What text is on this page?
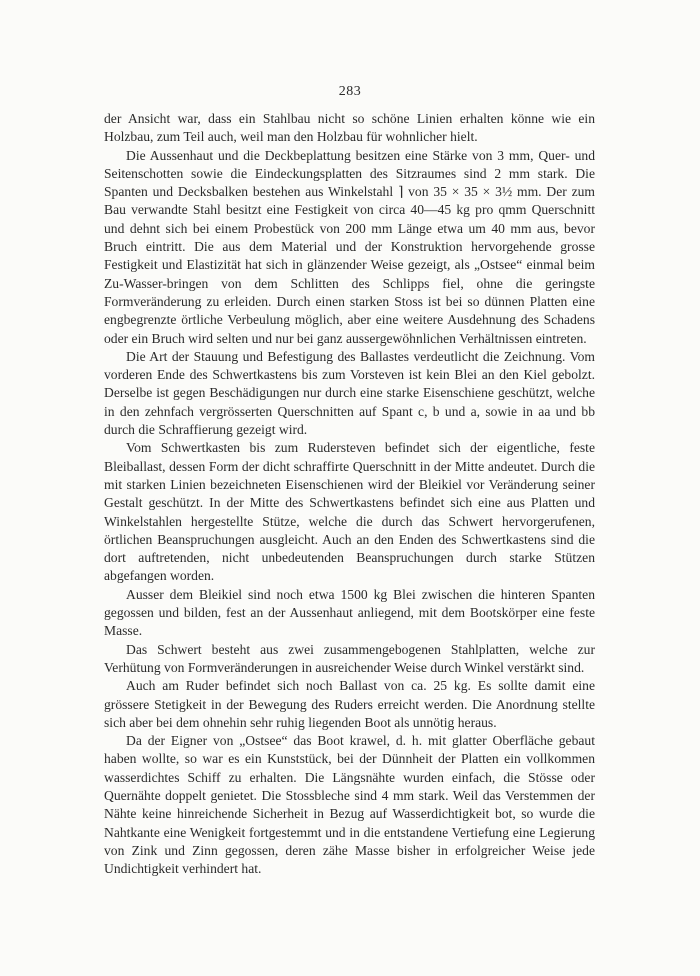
283

der Ansicht war, dass ein Stahlbau nicht so schöne Linien erhalten könne wie ein Holzbau, zum Teil auch, weil man den Holzbau für wohnlicher hielt.

Die Aussenhaut und die Deckbeplattung besitzen eine Stärke von 3 mm, Quer- und Seitenschotten sowie die Eindeckungsplatten des Sitzraumes sind 2 mm stark. Die Spanten und Decksbalken bestehen aus Winkelstahl ⌉ von 35 × 35 × 3½ mm. Der zum Bau verwandte Stahl besitzt eine Festigkeit von circa 40—45 kg pro qmm Querschnitt und dehnt sich bei einem Probestück von 200 mm Länge etwa um 40 mm aus, bevor Bruch eintritt. Die aus dem Material und der Konstruktion hervorgehende grosse Festigkeit und Elastizität hat sich in glänzender Weise gezeigt, als „Ostsee“ einmal beim Zu-Wasser-bringen von dem Schlitten des Schlipps fiel, ohne die geringste Formveränderung zu erleiden. Durch einen starken Stoss ist bei so dünnen Platten eine engbegrenzte örtliche Verbeulung möglich, aber eine weitere Ausdehnung des Schadens oder ein Bruch wird selten und nur bei ganz aussergewöhnlichen Verhältnissen eintreten.

Die Art der Stauung und Befestigung des Ballastes verdeutlicht die Zeichnung. Vom vorderen Ende des Schwertkastens bis zum Vorsteven ist kein Blei an den Kiel gebolzt. Derselbe ist gegen Beschädigungen nur durch eine starke Eisenschiene geschützt, welche in den zehnfach vergrösserten Querschnitten auf Spant c, b und a, sowie in aa und bb durch die Schraffierung gezeigt wird.

Vom Schwertkasten bis zum Rudersteven befindet sich der eigentliche, feste Bleiballast, dessen Form der dicht schraffirte Querschnitt in der Mitte andeutet. Durch die mit starken Linien bezeichneten Eisenschienen wird der Bleikiel vor Veränderung seiner Gestalt geschützt. In der Mitte des Schwertkastens befindet sich eine aus Platten und Winkelstahlen hergestellte Stütze, welche die durch das Schwert hervorgerufenen, örtlichen Beanspruchungen ausgleicht. Auch an den Enden des Schwertkastens sind die dort auftretenden, nicht unbedeutenden Beanspruchungen durch starke Stützen abgefangen worden.

Ausser dem Bleikiel sind noch etwa 1500 kg Blei zwischen die hinteren Spanten gegossen und bilden, fest an der Aussenhaut anliegend, mit dem Bootskörper eine feste Masse.

Das Schwert besteht aus zwei zusammengebogenen Stahlplatten, welche zur Verhütung von Formveränderungen in ausreichender Weise durch Winkel verstärkt sind.

Auch am Ruder befindet sich noch Ballast von ca. 25 kg. Es sollte damit eine grössere Stetigkeit in der Bewegung des Ruders erreicht werden. Die Anordnung stellte sich aber bei dem ohnehin sehr ruhig liegenden Boot als unnötig heraus.

Da der Eigner von „Ostsee“ das Boot krawel, d. h. mit glatter Oberfläche gebaut haben wollte, so war es ein Kunststück, bei der Dünnheit der Platten ein vollkommen wasserdichtes Schiff zu erhalten. Die Längsnähte wurden einfach, die Stösse oder Quernähte doppelt genietet. Die Stossbleche sind 4 mm stark. Weil das Verstemmen der Nähte keine hinreichende Sicherheit in Bezug auf Wasserdichtigkeit bot, so wurde die Nahtkante eine Wenigkeit fortgestemmt und in die entstandene Vertiefung eine Legierung von Zink und Zinn gegossen, deren zähe Masse bisher in erfolgreicher Weise jede Undichtigkeit verhindert hat.
